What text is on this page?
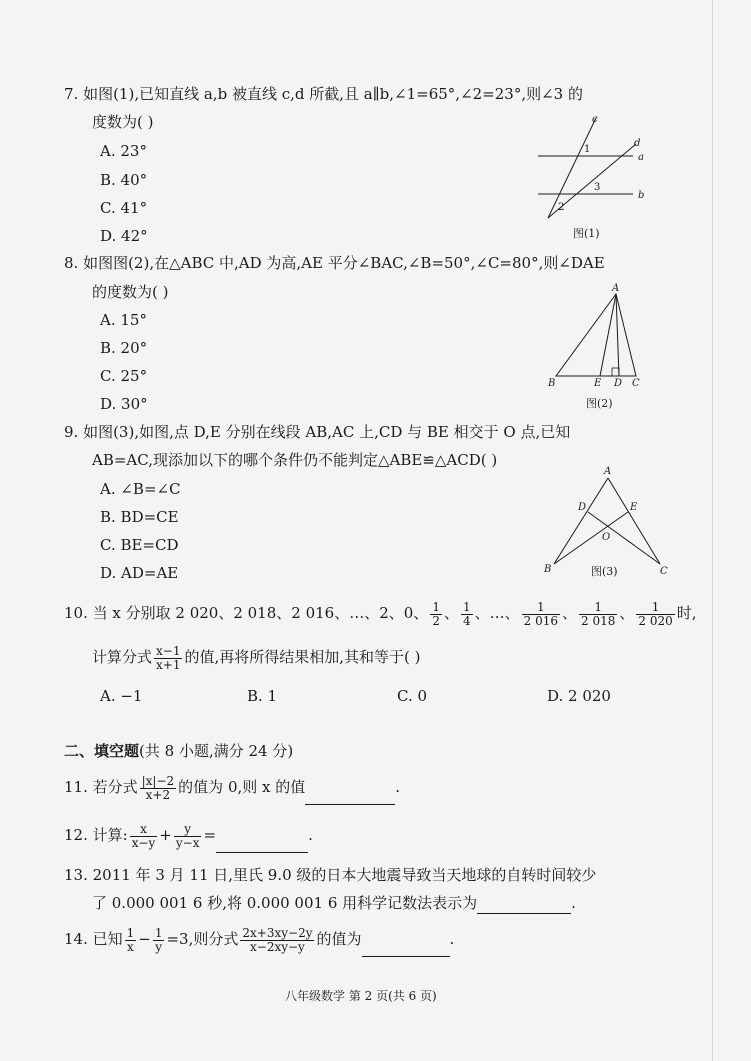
7. 如图(1),已知直线 a,b 被直线 c,d 所截,且 a∥b,∠1=65°,∠2=23°,则∠3 的
度数为( )
A. 23°
B. 40°
C. 41°
D. 42°
c
d
a
b
1
2
3
图(1)
8. 如图图(2),在△ABC 中,AD 为高,AE 平分∠BAC,∠B=50°,∠C=80°,则∠DAE
的度数为( )
A. 15°
B. 20°
C. 25°
D. 30°
A
B	E D C
图(2)
9. 如图(3),如图,点 D,E 分别在线段 AB,AC 上,CD 与 BE 相交于 O 点,已知
AB=AC,现添加以下的哪个条件仍不能判定△ABE≌△ACD( )
A. ∠B=∠C
B. BD=CE
C. BE=CD
D. AD=AE
A
D	E
O
B	C
图(3)
10. 当 x 分别取 2 020、2 018、2 016、…、2、0、 $\frac{1}{2}$ 、 $\frac{1}{4}$ 、…、 $\frac{1}{2 016}$ 、 $\frac{1}{2 018}$ 、 $\frac{1}{2 020}$ 时,
计算分式 $\frac{x-1}{x+1}$ 的值,再将所得结果相加,其和等于( )
A. −1	B. 1	C. 0	D. 2 020
二、填空题(共 8 小题,满分 24 分)
11. 若分式 $\frac{|x|-2}{x+2}$ 的值为 0,则 x 的值	.
12. 计算: $\frac{x}{x-y} + \frac{y}{y-x}$ =	.
13. 2011 年 3 月 11 日,里氏 9.0 级的日本大地震导致当天地球的自转时间较少
了 0.000 001 6 秒,将 0.000 001 6 用科学记数法表示为	.
14. 已知 $\frac{1}{x} - \frac{1}{y} =3$,则分式 $\frac{2x+3xy-2y}{x-2xy-y}$ 的值为	.
八年级数学 第 2 页(共 6 页)
